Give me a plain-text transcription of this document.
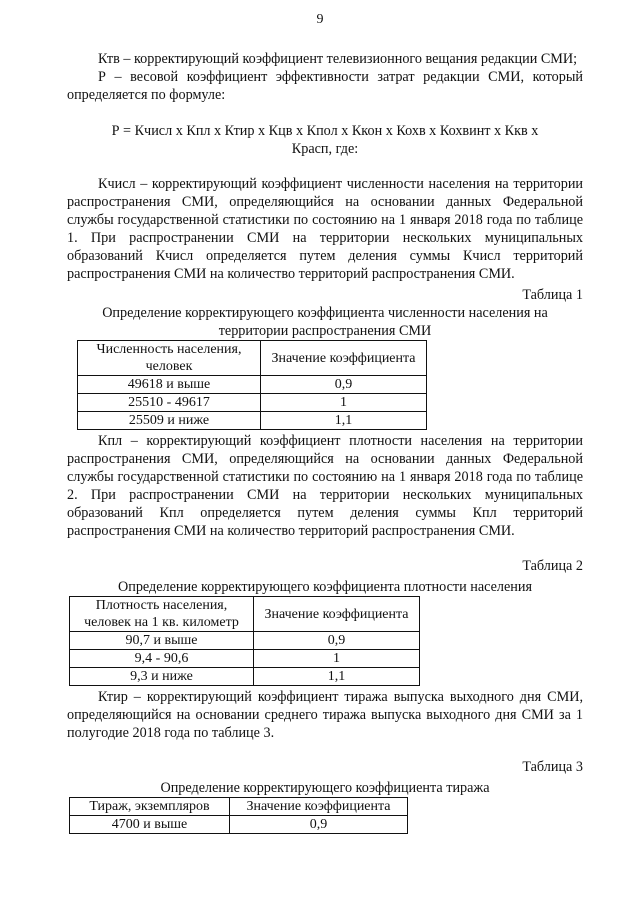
9

Ктв – корректирующий коэффициент телевизионного вещания редакции СМИ;

Р – весовой коэффициент эффективности затрат редакции СМИ, который определяется по формуле:

Р = Кчисл х Кпл х Ктир х Кцв х Кпол х Ккон х Кохв х Кохвинт х Ккв х
Красп, где:

Кчисл – корректирующий коэффициент численности населения на территории распространения СМИ, определяющийся на основании данных Федеральной службы государственной статистики по состоянию на 1 января 2018 года по таблице 1. При распространении СМИ на территории нескольких муниципальных образований Кчисл определяется путем деления суммы Кчисл территорий распространения СМИ на количество территорий распространения СМИ.

Таблица 1

Определение корректирующего коэффициента численности населения на территории распространения СМИ

Численность населения, человек	Значение коэффициента
49618 и выше	0,9
25510 - 49617	1
25509 и ниже	1,1

Кпл – корректирующий коэффициент плотности населения на территории распространения СМИ, определяющийся на основании данных Федеральной службы государственной статистики по состоянию на 1 января 2018 года по таблице 2. При распространении СМИ на территории нескольких муниципальных образований Кпл определяется путем деления суммы Кпл территорий распространения СМИ на количество территорий распространения СМИ.

Таблица 2

Определение корректирующего коэффициента плотности населения

Плотность населения, человек на 1 кв. километр	Значение коэффициента
90,7 и выше	0,9
9,4 - 90,6	1
9,3 и ниже	1,1

Ктир – корректирующий коэффициент тиража выпуска выходного дня СМИ, определяющийся на основании среднего тиража выпуска выходного дня СМИ за 1 полугодие 2018 года по таблице 3.

Таблица 3

Определение корректирующего коэффициента тиража

Тираж, экземпляров	Значение коэффициента
4700 и выше	0,9
